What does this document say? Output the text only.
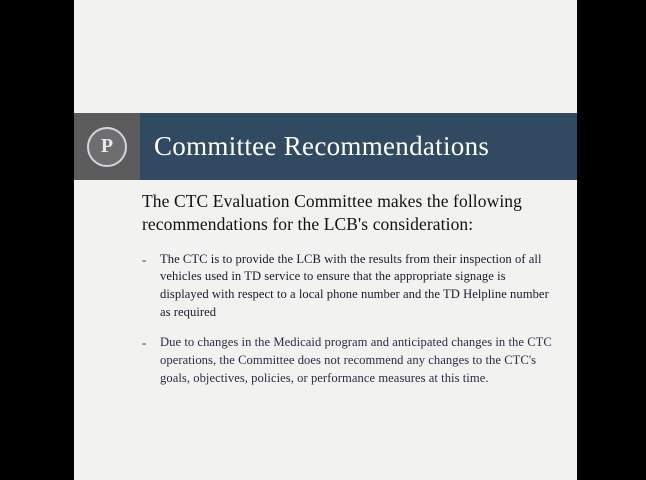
P	Committee Recommendations

The CTC Evaluation Committee makes the following recommendations for the LCB's consideration:

-	The CTC is to provide the LCB with the results from their inspection of all vehicles used in TD service to ensure that the appropriate signage is displayed with respect to a local phone number and the TD Helpline number as required
-	Due to changes in the Medicaid program and anticipated changes in the CTC operations, the Committee does not recommend any changes to the CTC's goals, objectives, policies, or performance measures at this time.
